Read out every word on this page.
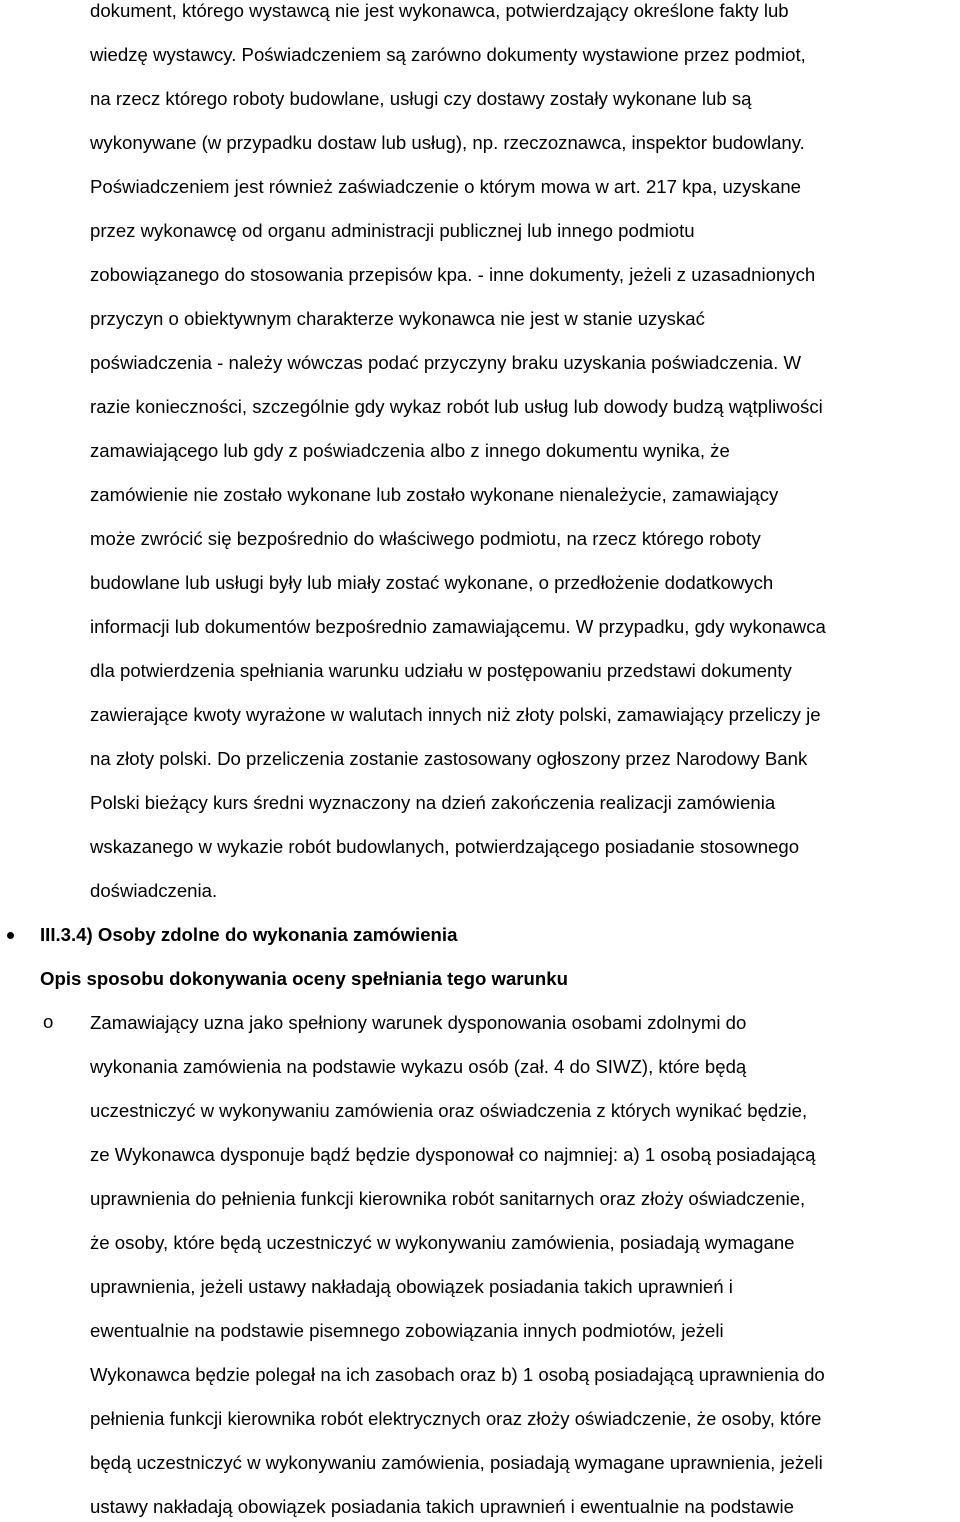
dokument, którego wystawcą nie jest wykonawca, potwierdzający określone fakty lub
wiedzę wystawcy. Poświadczeniem są zarówno dokumenty wystawione przez podmiot,
na rzecz którego roboty budowlane, usługi czy dostawy zostały wykonane lub są
wykonywane (w przypadku dostaw lub usług), np. rzeczoznawca, inspektor budowlany.
Poświadczeniem jest również zaświadczenie o którym mowa w art. 217 kpa, uzyskane
przez wykonawcę od organu administracji publicznej lub innego podmiotu
zobowiązanego do stosowania przepisów kpa. - inne dokumenty, jeżeli z uzasadnionych
przyczyn o obiektywnym charakterze wykonawca nie jest w stanie uzyskać
poświadczenia - należy wówczas podać przyczyny braku uzyskania poświadczenia. W
razie konieczności, szczególnie gdy wykaz robót lub usług lub dowody budzą wątpliwości
zamawiającego lub gdy z poświadczenia albo z innego dokumentu wynika, że
zamówienie nie zostało wykonane lub zostało wykonane nienależycie, zamawiający
może zwrócić się bezpośrednio do właściwego podmiotu, na rzecz którego roboty
budowlane lub usługi były lub miały zostać wykonane, o przedłożenie dodatkowych
informacji lub dokumentów bezpośrednio zamawiającemu. W przypadku, gdy wykonawca
dla potwierdzenia spełniania warunku udziału w postępowaniu przedstawi dokumenty
zawierające kwoty wyrażone w walutach innych niż złoty polski, zamawiający przeliczy je
na złoty polski. Do przeliczenia zostanie zastosowany ogłoszony przez Narodowy Bank
Polski bieżący kurs średni wyznaczony na dzień zakończenia realizacji zamówienia
wskazanego w wykazie robót budowlanych, potwierdzającego posiadanie stosownego
doświadczenia.
III.3.4) Osoby zdolne do wykonania zamówienia
Opis sposobu dokonywania oceny spełniania tego warunku
o Zamawiający uzna jako spełniony warunek dysponowania osobami zdolnymi do
wykonania zamówienia na podstawie wykazu osób (zał. 4 do SIWZ), które będą
uczestniczyć w wykonywaniu zamówienia oraz oświadczenia z których wynikać będzie,
ze Wykonawca dysponuje bądź będzie dysponował co najmniej: a) 1 osobą posiadającą
uprawnienia do pełnienia funkcji kierownika robót sanitarnych oraz złoży oświadczenie,
że osoby, które będą uczestniczyć w wykonywaniu zamówienia, posiadają wymagane
uprawnienia, jeżeli ustawy nakładają obowiązek posiadania takich uprawnień i
ewentualnie na podstawie pisemnego zobowiązania innych podmiotów, jeżeli
Wykonawca będzie polegał na ich zasobach oraz b) 1 osobą posiadającą uprawnienia do
pełnienia funkcji kierownika robót elektrycznych oraz złoży oświadczenie, że osoby, które
będą uczestniczyć w wykonywaniu zamówienia, posiadają wymagane uprawnienia, jeżeli
ustawy nakładają obowiązek posiadania takich uprawnień i ewentualnie na podstawie
